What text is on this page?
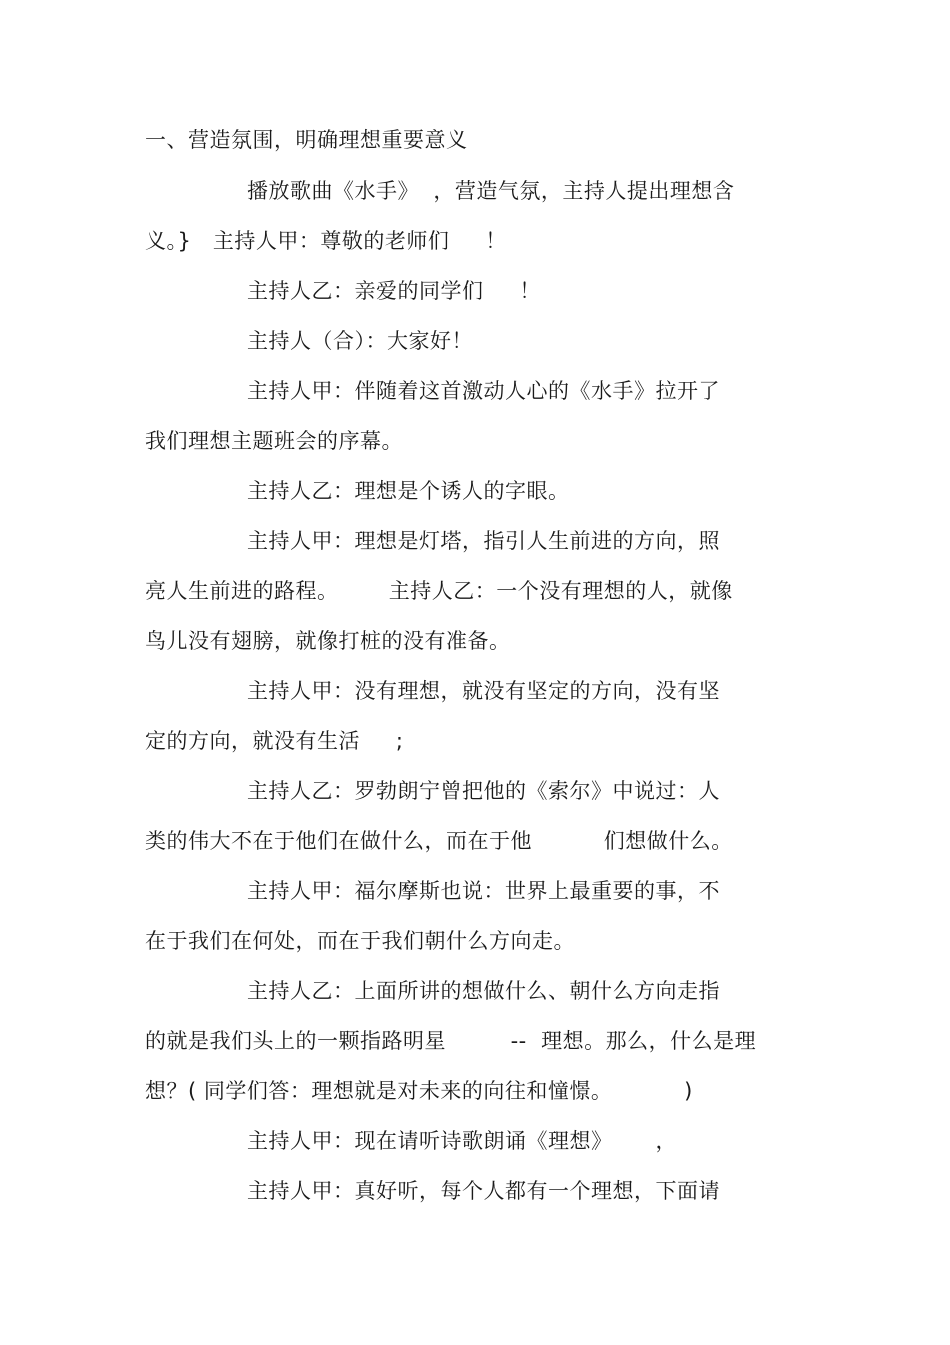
一、营造氛围，明确理想重要意义
播放歌曲《水手》  ，营造气氛，主持人提出理想含
义。}   主持人甲：尊敬的老师们     ！
主持人乙：亲爱的同学们     ！
主持人（合）：大家好！
主持人甲：伴随着这首激动人心的《水手》拉开了
我们理想主题班会的序幕。
主持人乙：理想是个诱人的字眼。
主持人甲：理想是灯塔，指引人生前进的方向，照
亮人生前进的路程。       主持人乙：一个没有理想的人，就像
鸟儿没有翅膀，就像打桩的没有准备。
主持人甲：没有理想，就没有坚定的方向，没有坚
定的方向，就没有生活     ;
主持人乙：罗勃朗宁曾把他的《索尔》中说过：人
类的伟大不在于他们在做什么，而在于他          们想做什么。
主持人甲：福尔摩斯也说：世界上最重要的事，不
在于我们在何处，而在于我们朝什么方向走。
主持人乙：上面所讲的想做什么、朝什么方向走指
的就是我们头上的一颗指路明星         --  理想。那么，什么是理
想？( 同学们答：理想就是对未来的向往和憧憬。          )
主持人甲：现在请听诗歌朗诵《理想》      ，
主持人甲：真好听，每个人都有一个理想，下面请
